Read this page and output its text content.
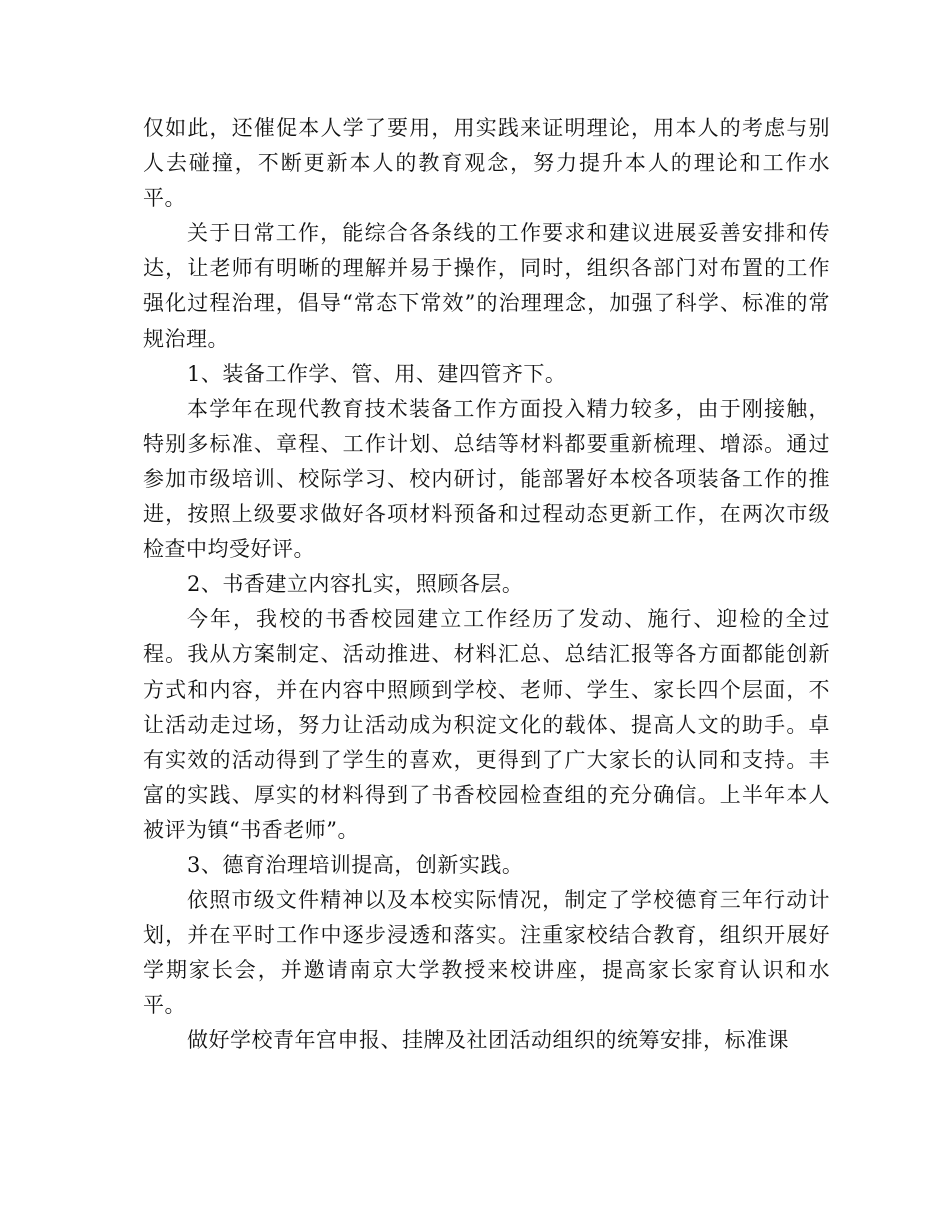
仅如此，还催促本人学了要用，用实践来证明理论，用本人的考虑与别人去碰撞，不断更新本人的教育观念，努力提升本人的理论和工作水平。

关于日常工作，能综合各条线的工作要求和建议进展妥善安排和传达，让老师有明晰的理解并易于操作，同时，组织各部门对布置的工作强化过程治理，倡导“常态下常效”的治理理念，加强了科学、标准的常规治理。

1、装备工作学、管、用、建四管齐下。

本学年在现代教育技术装备工作方面投入精力较多，由于刚接触，特别多标准、章程、工作计划、总结等材料都要重新梳理、增添。通过参加市级培训、校际学习、校内研讨，能部署好本校各项装备工作的推进，按照上级要求做好各项材料预备和过程动态更新工作，在两次市级检查中均受好评。

2、书香建立内容扎实，照顾各层。

今年，我校的书香校园建立工作经历了发动、施行、迎检的全过程。我从方案制定、活动推进、材料汇总、总结汇报等各方面都能创新方式和内容，并在内容中照顾到学校、老师、学生、家长四个层面，不让活动走过场，努力让活动成为积淀文化的载体、提高人文的助手。卓有实效的活动得到了学生的喜欢，更得到了广大家长的认同和支持。丰富的实践、厚实的材料得到了书香校园检查组的充分确信。上半年本人被评为镇“书香老师”。

3、德育治理培训提高，创新实践。

依照市级文件精神以及本校实际情况，制定了学校德育三年行动计划，并在平时工作中逐步浸透和落实。注重家校结合教育，组织开展好学期家长会，并邀请南京大学教授来校讲座，提高家长家育认识和水平。

做好学校青年宫申报、挂牌及社团活动组织的统筹安排，标准课
